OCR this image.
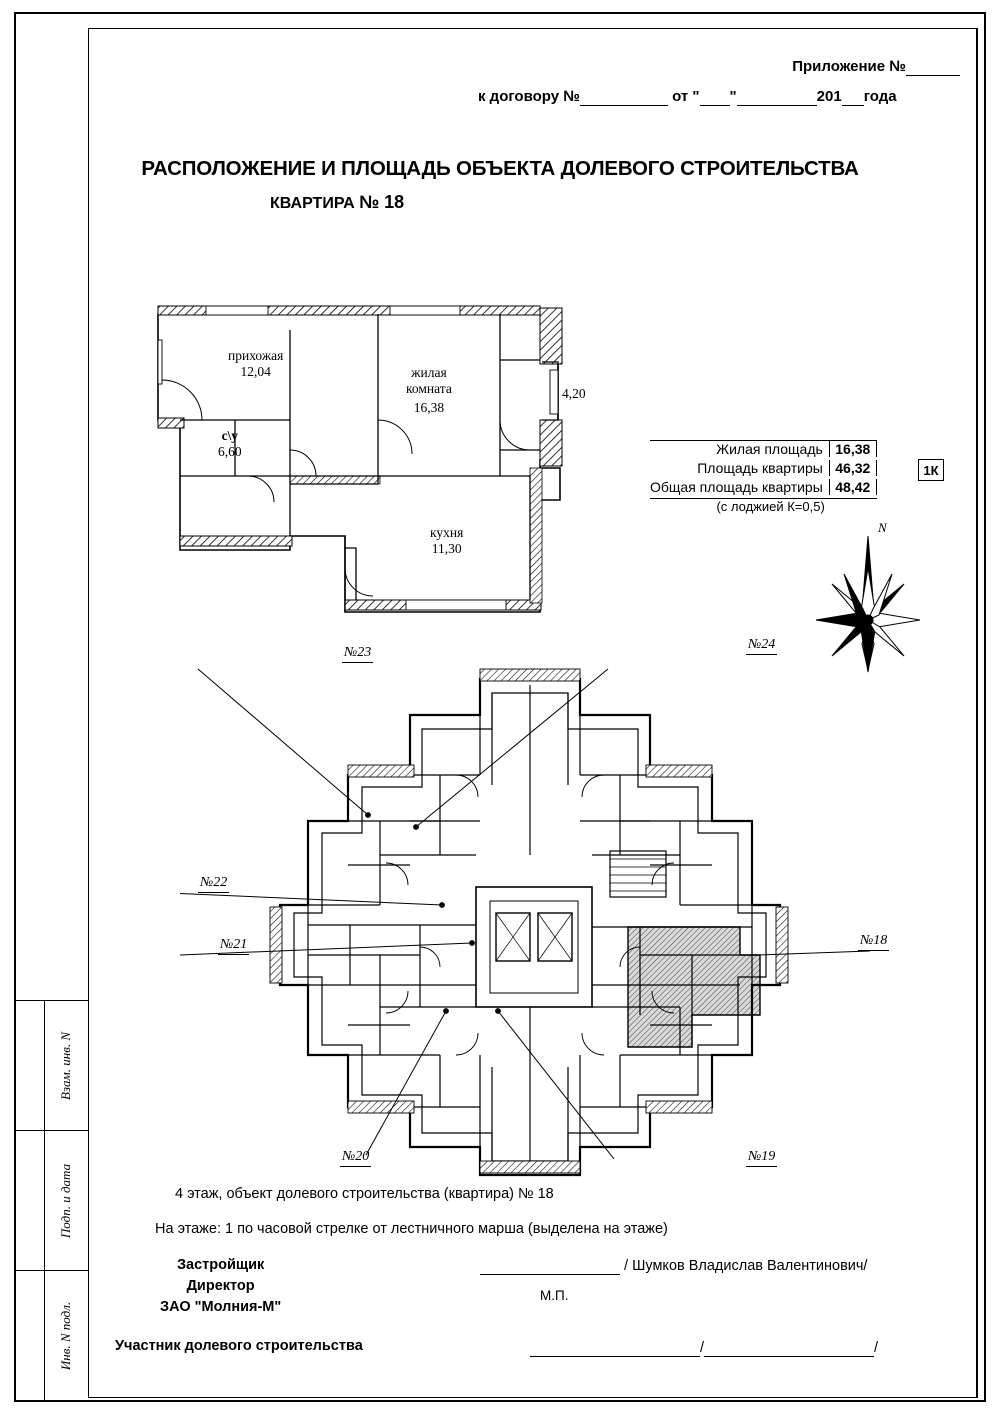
Взам. инв. N
Подп. и дата
Инв. N подл.
Приложение №
к договору №	от " "	201 года
РАСПОЛОЖЕНИЕ И ПЛОЩАДЬ ОБЪЕКТА ДОЛЕВОГО СТРОИТЕЛЬСТВА
КВАРТИРА № 18
прихожая
12,04	жилая
комната
16,38
с\у
6,60
кухня
11,30
4,20
Жилая площадь 16,38
Площадь квартиры 46,32
Общая площадь квартиры 48,42
(с лоджией К=0,5)
1К
N
№23
№24
№22
№21	№18
№20	№19
4 этаж, объект долевого строительства (квартира) № 18
На этаже: 1 по часовой стрелке от лестничного марша (выделена на этаже)
Застройщик
Директор
ЗАО "Молния-М"
/ Шумков Владислав Валентинович/
М.П.
Участник долевого строительства	/	/
